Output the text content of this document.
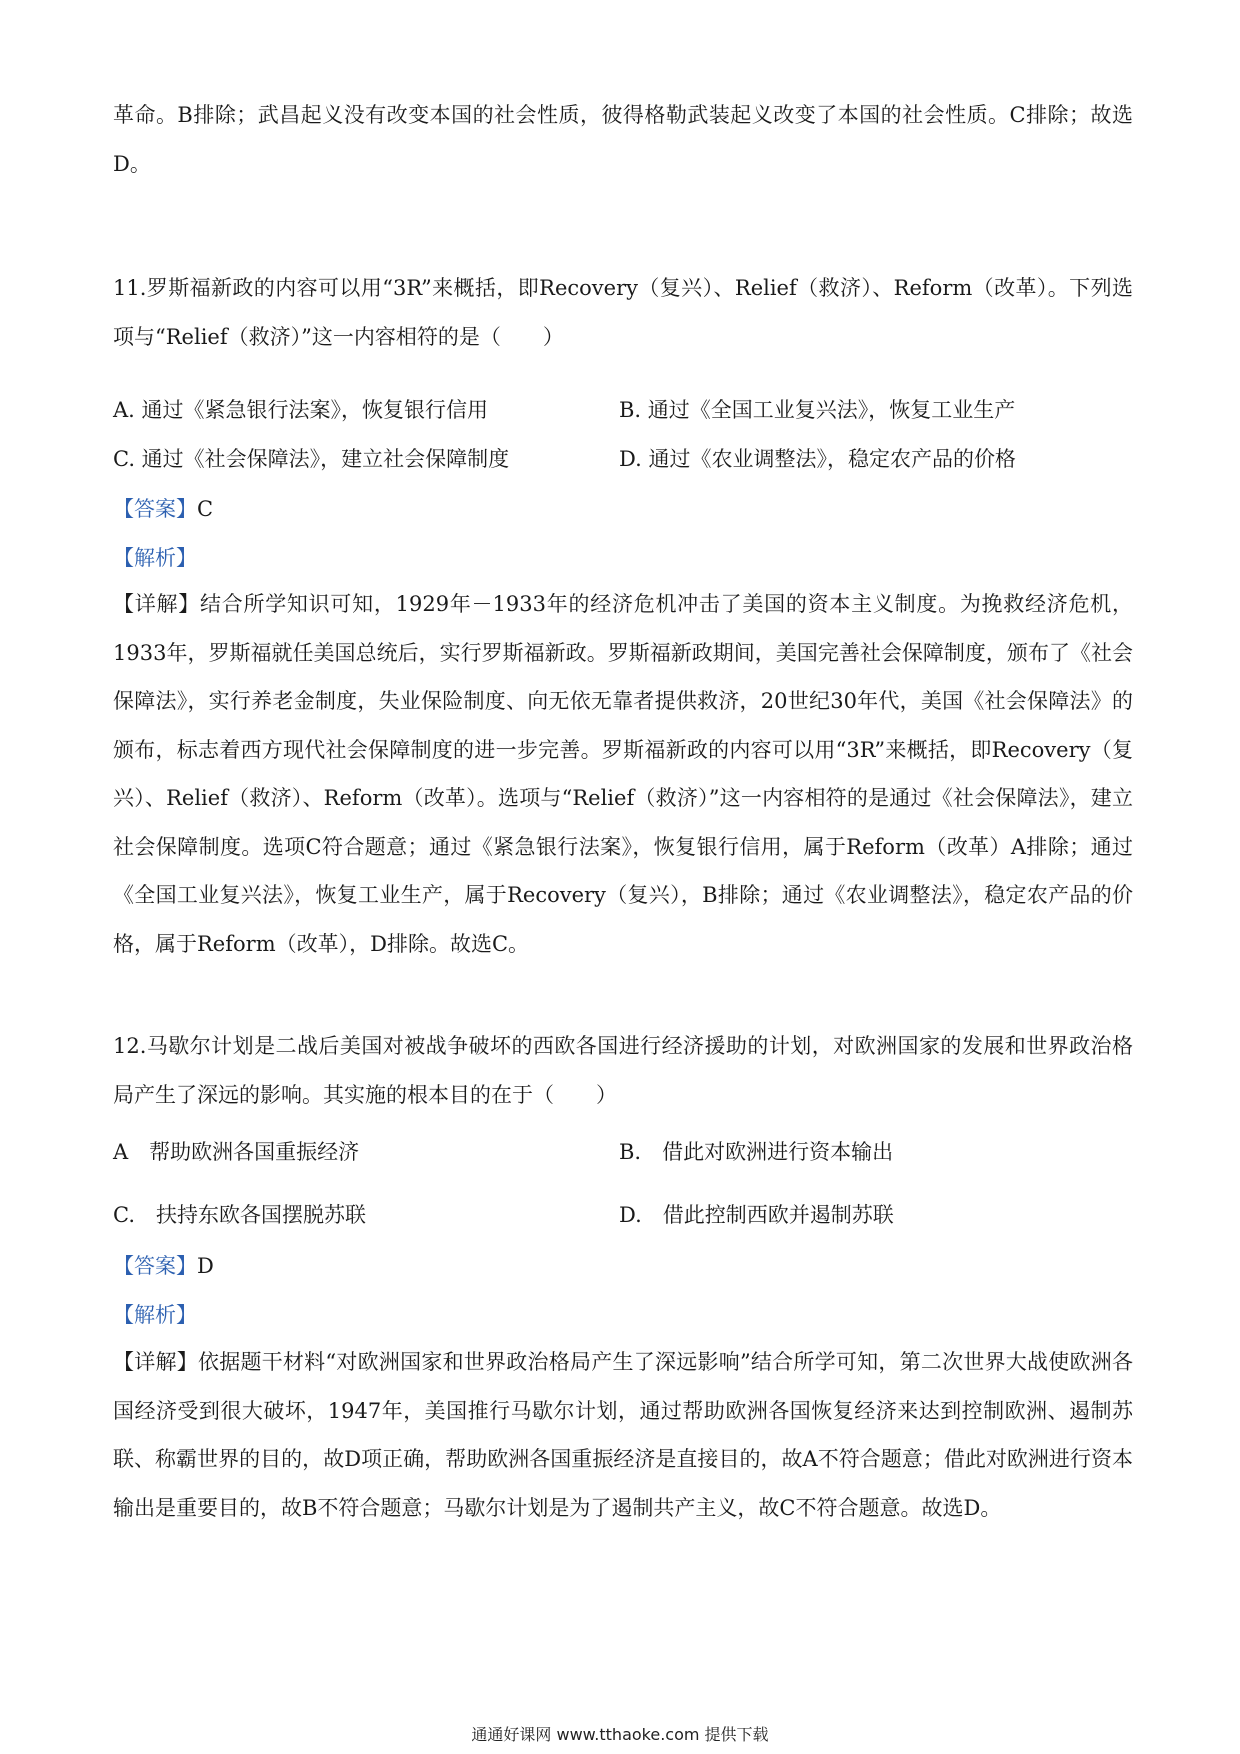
革命。B排除；武昌起义没有改变本国的社会性质，彼得格勒武装起义改变了本国的社会性质。C排除；故选D。

11.罗斯福新政的内容可以用“3R”来概括，即Recovery（复兴）、Relief（救济）、Reform（改革）。下列选项与“Relief（救济）”这一内容相符的是（　　）

A. 通过《紧急银行法案》，恢复银行信用	B. 通过《全国工业复兴法》，恢复工业生产

C. 通过《社会保障法》，建立社会保障制度	D. 通过《农业调整法》，稳定农产品的价格

【答案】C

【解析】

【详解】结合所学知识可知，1929年－1933年的经济危机冲击了美国的资本主义制度。为挽救经济危机，1933年，罗斯福就任美国总统后，实行罗斯福新政。罗斯福新政期间，美国完善社会保障制度，颁布了《社会保障法》，实行养老金制度，失业保险制度、向无依无靠者提供救济，20世纪30年代，美国《社会保障法》的颁布，标志着西方现代社会保障制度的进一步完善。罗斯福新政的内容可以用“3R”来概括，即Recovery（复兴）、Relief（救济）、Reform（改革）。选项与“Relief（救济）”这一内容相符的是通过《社会保障法》，建立社会保障制度。选项C符合题意；通过《紧急银行法案》，恢复银行信用，属于Reform（改革）A排除；通过《全国工业复兴法》，恢复工业生产，属于Recovery（复兴），B排除；通过《农业调整法》，稳定农产品的价格，属于Reform（改革），D排除。故选C。

12.马歇尔计划是二战后美国对被战争破坏的西欧各国进行经济援助的计划，对欧洲国家的发展和世界政治格局产生了深远的影响。其实施的根本目的在于（　　）

A　帮助欧洲各国重振经济	B.　借此对欧洲进行资本输出

C.　扶持东欧各国摆脱苏联	D.　借此控制西欧并遏制苏联

【答案】D

【解析】

【详解】依据题干材料“对欧洲国家和世界政治格局产生了深远影响”结合所学可知，第二次世界大战使欧洲各国经济受到很大破坏，1947年，美国推行马歇尔计划，通过帮助欧洲各国恢复经济来达到控制欧洲、遏制苏联、称霸世界的目的，故D项正确，帮助欧洲各国重振经济是直接目的，故A不符合题意；借此对欧洲进行资本输出是重要目的，故B不符合题意；马歇尔计划是为了遏制共产主义，故C不符合题意。故选D。

通通好课网 www.tthaoke.com 提供下载
